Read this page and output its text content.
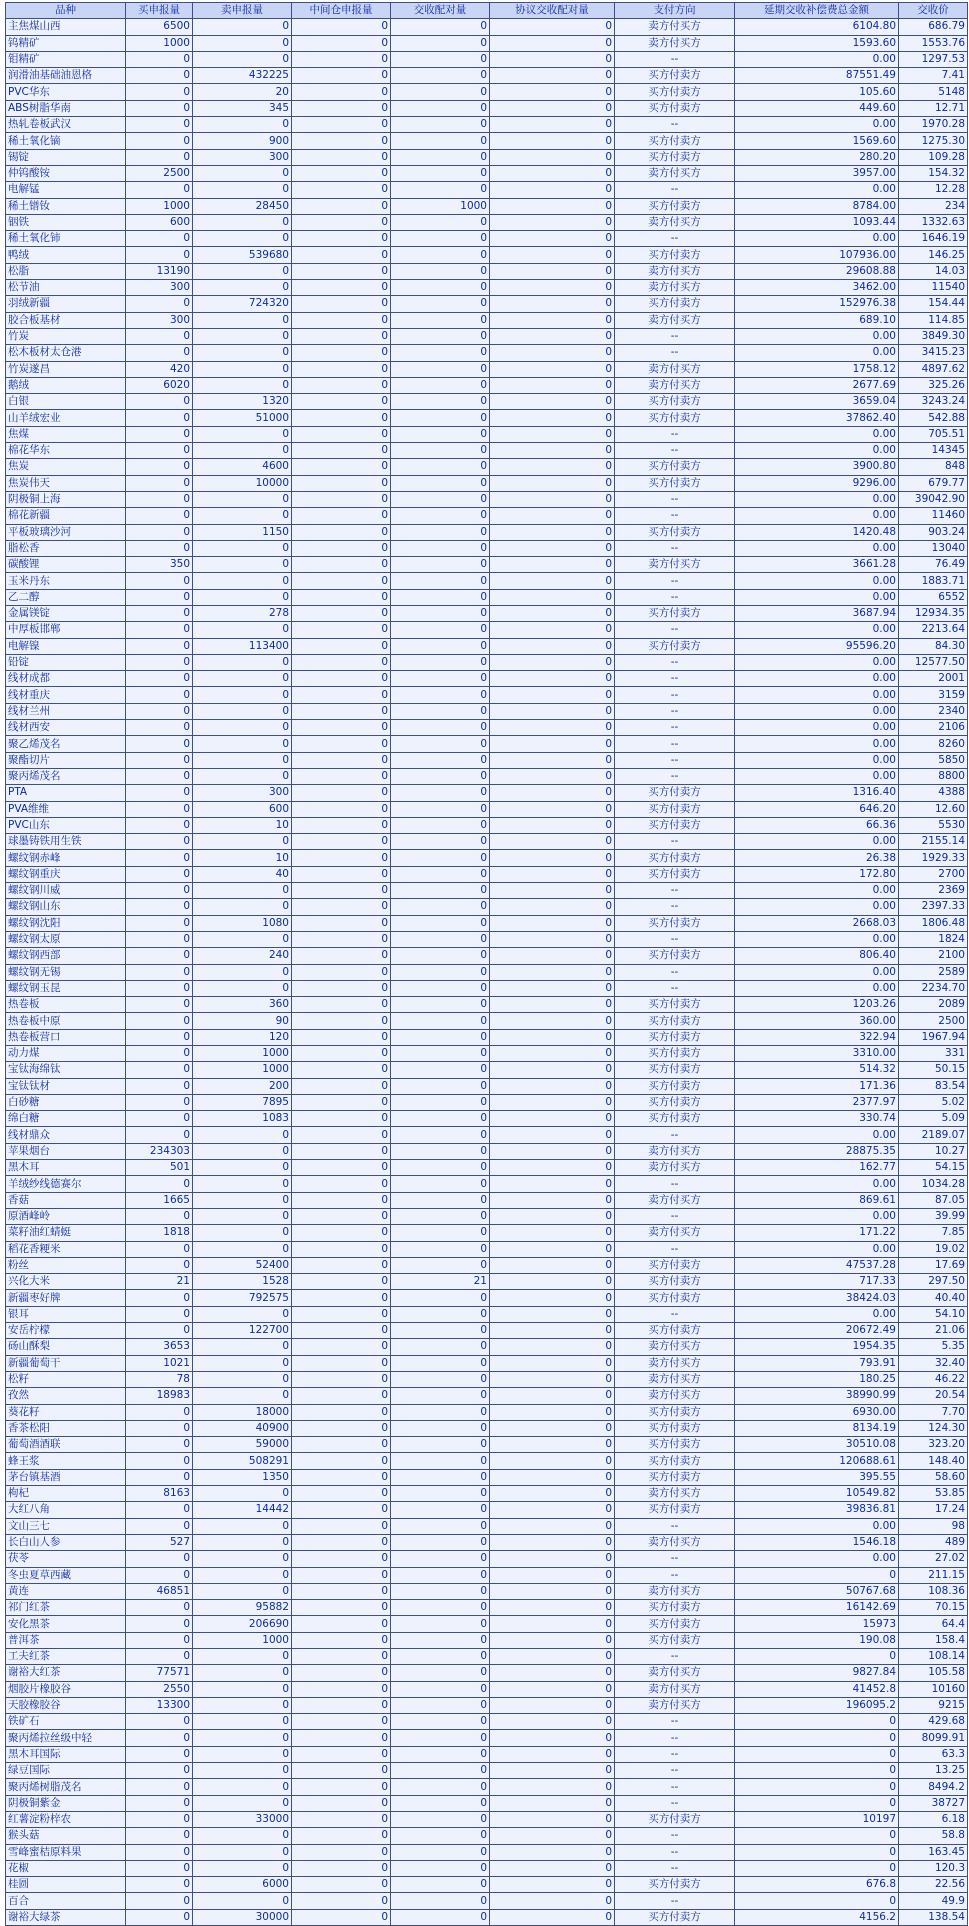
品种	买申报量	卖申报量	中间仓申报量	交收配对量	协议交收配对量	支付方向	延期交收补偿费总金额	交收价
主焦煤山西	6500	0	0	0	0	卖方付买方	6104.80	686.79
钨精矿	1000	0	0	0	0	卖方付买方	1593.60	1553.76
钼精矿	0	0	0	0	0	--	0.00	1297.53
润滑油基础油恩格	0	432225	0	0	0	买方付卖方	87551.49	7.41
PVC华东	0	20	0	0	0	买方付卖方	105.60	5148
ABS树脂华南	0	345	0	0	0	买方付卖方	449.60	12.71
热轧卷板武汉	0	0	0	0	0	--	0.00	1970.28
稀土氧化镝	0	900	0	0	0	买方付卖方	1569.60	1275.30
锡锭	0	300	0	0	0	买方付卖方	280.20	109.28
仲钨酸铵	2500	0	0	0	0	卖方付买方	3957.00	154.32
电解锰	0	0	0	0	0	--	0.00	12.28
稀土镨钕	1000	28450	0	1000	0	买方付卖方	8784.00	234
铟铁	600	0	0	0	0	卖方付买方	1093.44	1332.63
稀土氧化铈	0	0	0	0	0	--	0.00	1646.19
鸭绒	0	539680	0	0	0	买方付卖方	107936.00	146.25
松脂	13190	0	0	0	0	卖方付买方	29608.88	14.03
松节油	300	0	0	0	0	卖方付买方	3462.00	11540
羽绒新疆	0	724320	0	0	0	买方付卖方	152976.38	154.44
胶合板基材	300	0	0	0	0	卖方付买方	689.10	114.85
竹炭	0	0	0	0	0	--	0.00	3849.30
松木板材太仓港	0	0	0	0	0	--	0.00	3415.23
竹炭遂昌	420	0	0	0	0	卖方付买方	1758.12	4897.62
鹅绒	6020	0	0	0	0	卖方付买方	2677.69	325.26
白银	0	1320	0	0	0	买方付卖方	3659.04	3243.24
山羊绒宏业	0	51000	0	0	0	买方付卖方	37862.40	542.88
焦煤	0	0	0	0	0	--	0.00	705.51
棉花华东	0	0	0	0	0	--	0.00	14345
焦炭	0	4600	0	0	0	买方付卖方	3900.80	848
焦炭伟天	0	10000	0	0	0	买方付卖方	9296.00	679.77
阴极铜上海	0	0	0	0	0	--	0.00	39042.90
棉花新疆	0	0	0	0	0	--	0.00	11460
平板玻璃沙河	0	1150	0	0	0	买方付卖方	1420.48	903.24
脂松香	0	0	0	0	0	--	0.00	13040
碳酸锂	350	0	0	0	0	卖方付买方	3661.28	76.49
玉米丹东	0	0	0	0	0	--	0.00	1883.71
乙二醇	0	0	0	0	0	--	0.00	6552
金属镁锭	0	278	0	0	0	买方付卖方	3687.94	12934.35
中厚板邯郸	0	0	0	0	0	--	0.00	2213.64
电解镍	0	113400	0	0	0	买方付卖方	95596.20	84.30
铅锭	0	0	0	0	0	--	0.00	12577.50
线材成都	0	0	0	0	0	--	0.00	2001
线材重庆	0	0	0	0	0	--	0.00	3159
线材兰州	0	0	0	0	0	--	0.00	2340
线材西安	0	0	0	0	0	--	0.00	2106
聚乙烯茂名	0	0	0	0	0	--	0.00	8260
聚酯切片	0	0	0	0	0	--	0.00	5850
聚丙烯茂名	0	0	0	0	0	--	0.00	8800
PTA	0	300	0	0	0	买方付卖方	1316.40	4388
PVA维维	0	600	0	0	0	买方付卖方	646.20	12.60
PVC山东	0	10	0	0	0	买方付卖方	66.36	5530
球墨铸铁用生铁	0	0	0	0	0	--	0.00	2155.14
螺纹钢赤峰	0	10	0	0	0	买方付卖方	26.38	1929.33
螺纹钢重庆	0	40	0	0	0	买方付卖方	172.80	2700
螺纹钢川威	0	0	0	0	0	--	0.00	2369
螺纹钢山东	0	0	0	0	0	--	0.00	2397.33
螺纹钢沈阳	0	1080	0	0	0	买方付卖方	2668.03	1806.48
螺纹钢太原	0	0	0	0	0	--	0.00	1824
螺纹钢西部	0	240	0	0	0	买方付卖方	806.40	2100
螺纹钢无锡	0	0	0	0	0	--	0.00	2589
螺纹钢玉昆	0	0	0	0	0	--	0.00	2234.70
热卷板	0	360	0	0	0	买方付卖方	1203.26	2089
热卷板中原	0	90	0	0	0	买方付卖方	360.00	2500
热卷板营口	0	120	0	0	0	买方付卖方	322.94	1967.94
动力煤	0	1000	0	0	0	买方付卖方	3310.00	331
宝钛海绵钛	0	1000	0	0	0	买方付卖方	514.32	50.15
宝钛钛材	0	200	0	0	0	买方付卖方	171.36	83.54
白砂糖	0	7895	0	0	0	买方付卖方	2377.97	5.02
绵白糖	0	1083	0	0	0	买方付卖方	330.74	5.09
线材鼎众	0	0	0	0	0	--	0.00	2189.07
苹果烟台	234303	0	0	0	0	卖方付买方	28875.35	10.27
黑木耳	501	0	0	0	0	卖方付买方	162.77	54.15
羊绒纱线德赛尔	0	0	0	0	0	--	0.00	1034.28
香菇	1665	0	0	0	0	卖方付买方	869.61	87.05
原酒峰岭	0	0	0	0	0	--	0.00	39.99
菜籽油红蜻蜓	1818	0	0	0	0	卖方付买方	171.22	7.85
稻花香粳米	0	0	0	0	0	--	0.00	19.02
粉丝	0	52400	0	0	0	买方付卖方	47537.28	17.69
兴化大米	21	1528	0	21	0	买方付卖方	717.33	297.50
新疆枣好牌	0	792575	0	0	0	买方付卖方	38424.03	40.40
银耳	0	0	0	0	0	--	0.00	54.10
安岳柠檬	0	122700	0	0	0	买方付卖方	20672.49	21.06
砀山酥梨	3653	0	0	0	0	卖方付买方	1954.35	5.35
新疆葡萄干	1021	0	0	0	0	卖方付买方	793.91	32.40
松籽	78	0	0	0	0	卖方付买方	180.25	46.22
孜然	18983	0	0	0	0	卖方付买方	38990.99	20.54
葵花籽	0	18000	0	0	0	买方付卖方	6930.00	7.70
香茶松阳	0	40900	0	0	0	买方付卖方	8134.19	124.30
葡萄酒酒联	0	59000	0	0	0	买方付卖方	30510.08	323.20
蜂王浆	0	508291	0	0	0	买方付卖方	120688.61	148.40
茅台镇基酒	0	1350	0	0	0	买方付卖方	395.55	58.60
枸杞	8163	0	0	0	0	卖方付买方	10549.82	53.85
大红八角	0	14442	0	0	0	买方付卖方	39836.81	17.24
文山三七	0	0	0	0	0	--	0.00	98
长白山人参	527	0	0	0	0	卖方付买方	1546.18	489
茯苓	0	0	0	0	0	--	0.00	27.02
冬虫夏草西藏	0	0	0	0	0	--	0	211.15
黄连	46851	0	0	0	0	卖方付买方	50767.68	108.36
祁门红茶	0	95882	0	0	0	买方付卖方	16142.69	70.15
安化黑茶	0	206690	0	0	0	买方付卖方	15973	64.4
普洱茶	0	1000	0	0	0	买方付卖方	190.08	158.4
工夫红茶	0	0	0	0	0	--	0	108.14
谢裕大红茶	77571	0	0	0	0	卖方付买方	9827.84	105.58
烟胶片橡胶谷	2550	0	0	0	0	卖方付买方	41452.8	10160
天胶橡胶谷	13300	0	0	0	0	卖方付买方	196095.2	9215
铁矿石	0	0	0	0	0	--	0	429.68
聚丙烯拉丝级中轻	0	0	0	0	0	--	0	8099.91
黑木耳国际	0	0	0	0	0	--	0	63.3
绿豆国际	0	0	0	0	0	--	0	13.25
聚丙烯树脂茂名	0	0	0	0	0	--	0	8494.2
阴极铜紫金	0	0	0	0	0	--	0	38727
红薯淀粉梓农	0	33000	0	0	0	买方付卖方	10197	6.18
猴头菇	0	0	0	0	0	--	0	58.8
雪峰蜜桔原料果	0	0	0	0	0	--	0	163.45
花椒	0	0	0	0	0	--	0	120.3
桂圆	0	6000	0	0	0	买方付卖方	676.8	22.56
百合	0	0	0	0	0	--	0	49.9
谢裕大绿茶	0	30000	0	0	0	买方付卖方	4156.2	138.54
